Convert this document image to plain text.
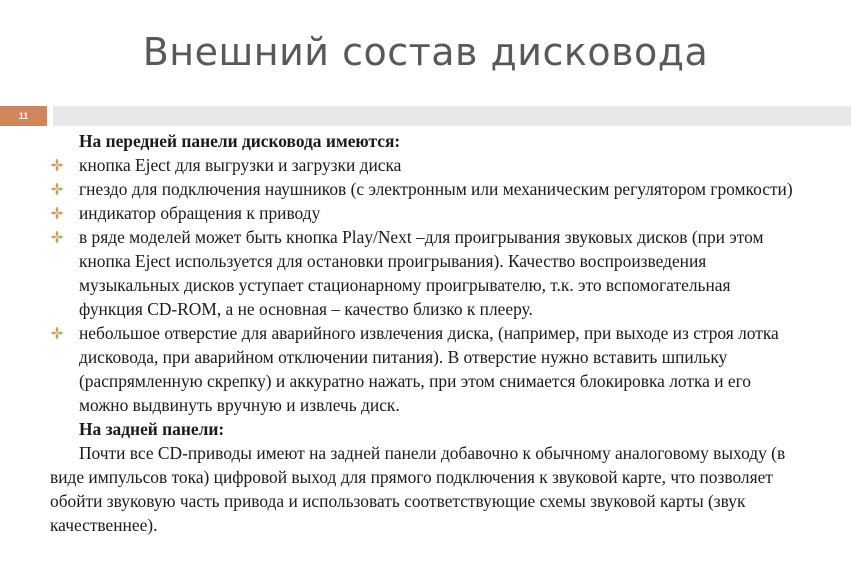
Внешний состав дисковода
11

На передней панели дисковода имеются:

кнопка Eject для выгрузки и загрузки диска

гнездо для подключения наушников (с электронным или механическим регулятором громкости)

индикатор обращения к приводу

в ряде моделей может быть кнопка Play/Next –для проигрывания звуковых дисков (при этом кнопка Eject используется для остановки проигрывания). Качество воспроизведения музыкальных дисков уступает стационарному проигрывателю, т.к. это вспомогательная функция CD-ROM, а не основная – качество близко к плееру.

небольшое отверстие для аварийного извлечения диска, (например, при выходе из строя лотка дисковода, при аварийном отключении питания). В отверстие нужно вставить шпильку (распрямленную скрепку) и аккуратно нажать, при этом снимается блокировка лотка и его можно выдвинуть вручную и извлечь диск.

На задней панели:

Почти все CD-приводы имеют на задней панели добавочно к обычному аналоговому выходу (в виде импульсов тока) цифровой выход для прямого подключения к звуковой карте, что позволяет обойти звуковую часть привода и использовать соответствующие схемы звуковой карты (звук качественнее).
